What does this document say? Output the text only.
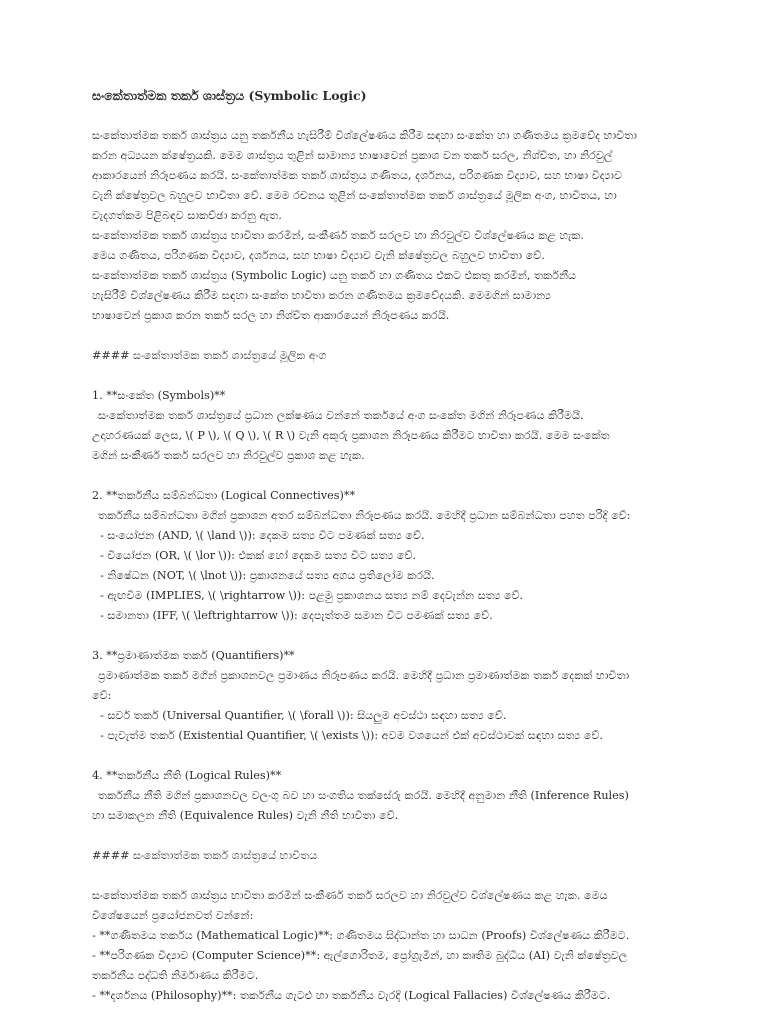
සංකේතාත්මක තර්ක ශාස්ත්‍රය (Symbolic Logic)

සංකේතාත්මක තර්ක ශාස්ත්‍රය යනු තර්කනීය හැසිරීම් විශ්ලේෂණය කිරීම සඳහා සංකේත හා ගණිතමය ක්‍රමවේද භාවිතා

කරන අධ්‍යයන ක්ෂේත්‍රයකි. මෙම ශාස්ත්‍රය තුළින් සාමාන්‍ය භාෂාවෙන් ප්‍රකාශ වන තර්ක සරල, නිශ්චිත, හා නිරවුල්

ආකාරයෙන් නිරූපණය කරයි. සංකේතාත්මක තර්ක ශාස්ත්‍රය ගණිතය, දර්ශනය, පරිගණක විද්‍යාව, සහ භාෂා විද්‍යාව

වැනි ක්ෂේත්‍රවල බහුලව භාවිතා වේ. මෙම රචනය තුළින් සංකේතාත්මක තර්ක ශාස්ත්‍රයේ මූලික අංග, භාවිතය, හා

වැදගත්කම පිළිබඳව සාකච්ඡා කරනු ඇත.

සංකේතාත්මක තර්ක ශාස්ත්‍රය භාවිතා කරමින්, සංකීර්ණ තර්ක සරලව හා නිරවුල්ව විශ්ලේෂණය කළ හැක.

මෙය ගණිතය, පරිගණක විද්‍යාව, දර්ශනය, සහ භාෂා විද්‍යාව වැනි ක්ෂේත්‍රවල බහුලව භාවිතා වේ.

සංකේතාත්මක තර්ක ශාස්ත්‍රය (Symbolic Logic) යනු තර්ක හා ගණිතය එකට එකතු කරමින්, තර්කනීය

හැසිරීම් විශ්ලේෂණය කිරීම සඳහා සංකේත භාවිතා කරන ගණිතමය ක්‍රමවේදයකි. මෙමගින් සාමාන්‍ය

භාෂාවෙන් ප්‍රකාශ කරන තර්ක සරල හා නිශ්චිත ආකාරයෙන් නිරූපණය කරයි.

#### සංකේතාත්මක තර්ක ශාස්ත්‍රයේ මූලික අංග

1. **සංකේත (Symbols)**

සංකේතාත්මක තර්ක ශාස්ත්‍රයේ ප්‍රධාන ලක්ෂණය වන්නේ තර්කයේ අංග සංකේත මගින් නිරූපණය කිරීමයි.

උදාහරණයක් ලෙස, \( P \), \( Q \), \( R \) වැනි අකුරු ප්‍රකාශන නිරූපණය කිරීමට භාවිතා කරයි. මෙම සංකේත

මගින් සංකීර්ණ තර්ක සරලව හා නිරවුල්ව ප්‍රකාශ කළ හැක.

2. **තර්කනීය සම්බන්ධතා (Logical Connectives)**

තර්කනීය සම්බන්ධතා මගින් ප්‍රකාශන අතර සම්බන්ධතා නිරූපණය කරයි. මෙහිදී ප්‍රධාන සම්බන්ධතා පහත පරිදි වේ:

- සංයෝජන (AND, \( \land \)): දෙකම සත්‍ය විට පමණක් සත්‍ය වේ.
- වියෝජන (OR, \( \lor \)): එකක් හෝ දෙකම සත්‍ය විට සත්‍ය වේ.
- නිෂේධන (NOT, \( \lnot \)): ප්‍රකාශනයේ සත්‍ය අගය ප්‍රතිලෝම කරයි.
- ඇඟවීම (IMPLIES, \( \rightarrow \)): පළමු ප්‍රකාශනය සත්‍ය නම් දෙවැන්න සත්‍ය වේ.
- සමානතා (IFF, \( \leftrightarrow \)): දෙපැත්තම සමාන විට පමණක් සත්‍ය වේ.

3. **ප්‍රමාණාත්මක තර්ක (Quantifiers)**

ප්‍රමාණාත්මක තර්ක මගින් ප්‍රකාශනවල ප්‍රමාණය නිරූපණය කරයි. මෙහිදී ප්‍රධාන ප්‍රමාණාත්මක තර්ක දෙකක් භාවිතා

වේ:

- සර්ව තර්ක (Universal Quantifier, \( \forall \)): සියලුම අවස්ථා සඳහා සත්‍ය වේ.
- පැවැත්ම තර්ක (Existential Quantifier, \( \exists \)): අවම වශයෙන් එක් අවස්ථාවක් සඳහා සත්‍ය වේ.

4. **තර්කනීය නීති (Logical Rules)**

තර්කනීය නීති මගින් ප්‍රකාශනවල වලංගු බව හා සංගතිය තක්සේරු කරයි. මෙහිදී අනුමාන නීති (Inference Rules)

හා සමාකලන නීති (Equivalence Rules) වැනි නීති භාවිතා වේ.

#### සංකේතාත්මක තර්ක ශාස්ත්‍රයේ භාවිතය

සංකේතාත්මක තර්ක ශාස්ත්‍රය භාවිතා කරමින් සංකීර්ණ තර්ක සරලව හා නිරවුල්ව විශ්ලේෂණය කළ හැක. මෙය

විශේෂයෙන් ප්‍රයෝජනවත් වන්නේ:

- **ගණිතමය තර්කය (Mathematical Logic)**: ගණිතමය සිද්ධාන්ත හා සාධන (Proofs) විශ්ලේෂණය කිරීමට.

- **පරිගණක විද්‍යාව (Computer Science)**: ඇල්ගොරිතම, ප්‍රෝග්‍රැමින්, හා කෘතිම බුද්ධිය (AI) වැනි ක්ෂේත්‍රවල

තර්කනීය පද්ධති නිර්මාණය කිරීමට.

- **දර්ශනය (Philosophy)**: තර්කනීය ගැටළු හා තර්කනීය වැරදි (Logical Fallacies) විශ්ලේෂණය කිරීමට.
